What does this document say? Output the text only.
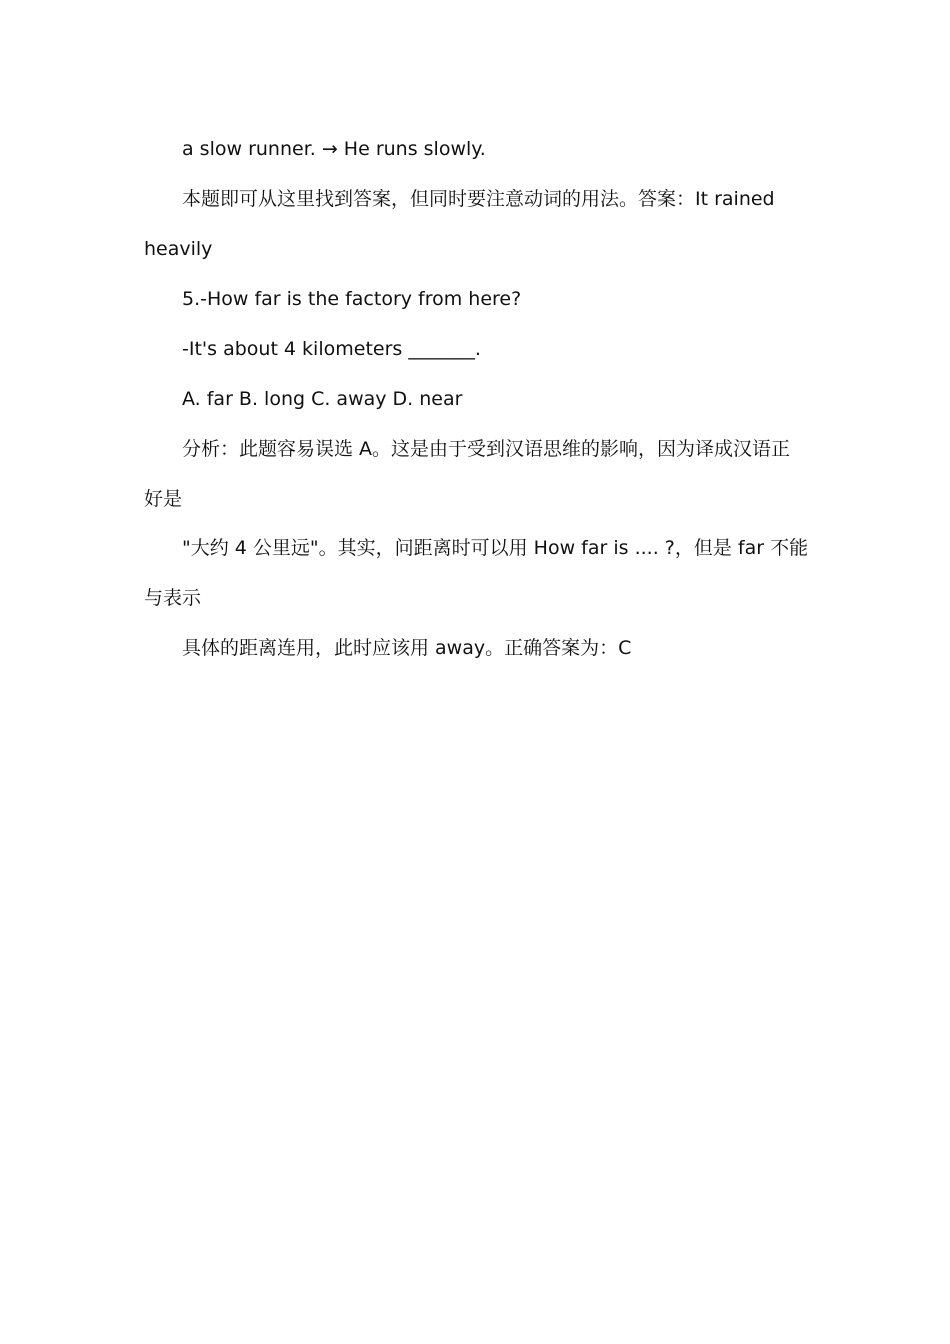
a slow runner. → He runs slowly.
本题即可从这里找到答案，但同时要注意动词的用法。答案：It rained
heavily
5.-How far is the factory from here?
-It's about 4 kilometers _______.
A. far B. long C. away D. near
分析：此题容易误选 A。这是由于受到汉语思维的影响，因为译成汉语正
好是
"大约 4 公里远"。其实，问距离时可以用 How far is .... ?，但是 far 不能
与表示
具体的距离连用，此时应该用 away。正确答案为：C
